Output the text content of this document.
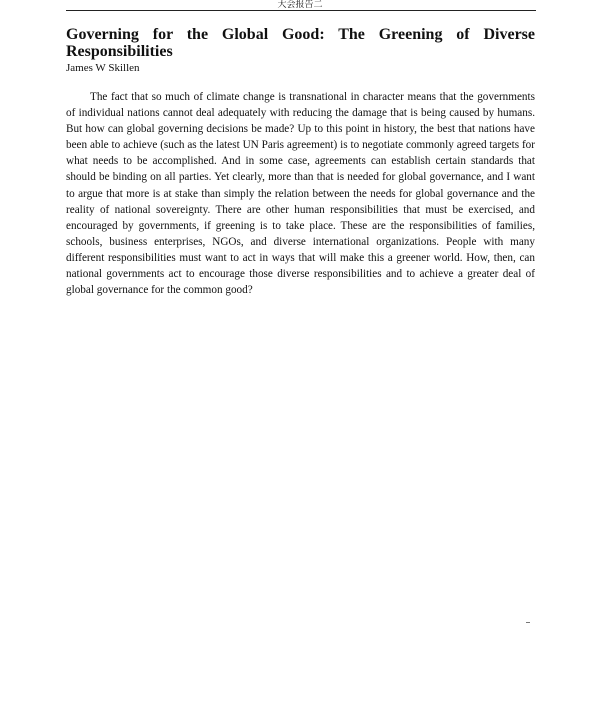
大会报告二
Governing for the Global Good: The Greening of Diverse Responsibilities
James W Skillen

The fact that so much of climate change is transnational in character means that the governments of individual nations cannot deal adequately with reducing the damage that is being caused by humans. But how can global governing decisions be made? Up to this point in history, the best that nations have been able to achieve (such as the latest UN Paris agreement) is to negotiate commonly agreed targets for what needs to be accomplished. And in some case, agreements can establish certain standards that should be binding on all parties. Yet clearly, more than that is needed for global governance, and I want to argue that more is at stake than simply the relation between the needs for global governance and the reality of national sovereignty. There are other human responsibilities that must be exercised, and encouraged by governments, if greening is to take place. These are the responsibilities of families, schools, business enterprises, NGOs, and diverse international organizations. People with many different responsibilities must want to act in ways that will make this a greener world. How, then, can national governments act to encourage those diverse responsibilities and to achieve a greater deal of global governance for the common good?
